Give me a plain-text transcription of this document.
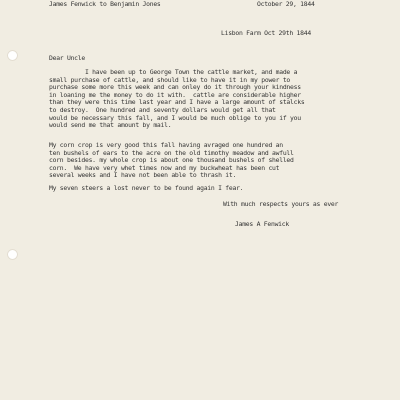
James Fenwick to Benjamin Jones	October 29, 1844
Lisbon Farm Oct 29th 1844
Dear Uncle
I have been up to George Town the cattle market, and made a
small purchase of cattle, and should like to have it in my power to
purchase some more this week and can onley do it through your kindness
in loaning me the money to do it with.  cattle are considerable higher
than they were this time last year and I have a large amount of stalcks
to destroy.  One hundred and seventy dollars would get all that
would be necessary this fall, and I would be much oblige to you if you
would send me that amount by mail.
My corn crop is very good this fall having avraged one hundred an
ten bushels of ears to the acre on the old timothy meadow and awfull
corn besides. my whole crop is about one thousand bushels of shelled
corn.  We have very whet times now and my buckwheat has been cut
several weeks and I have not been able to thrash it.
My seven steers a lost never to be found again I fear.
With much respects yours as ever
James A Fenwick
